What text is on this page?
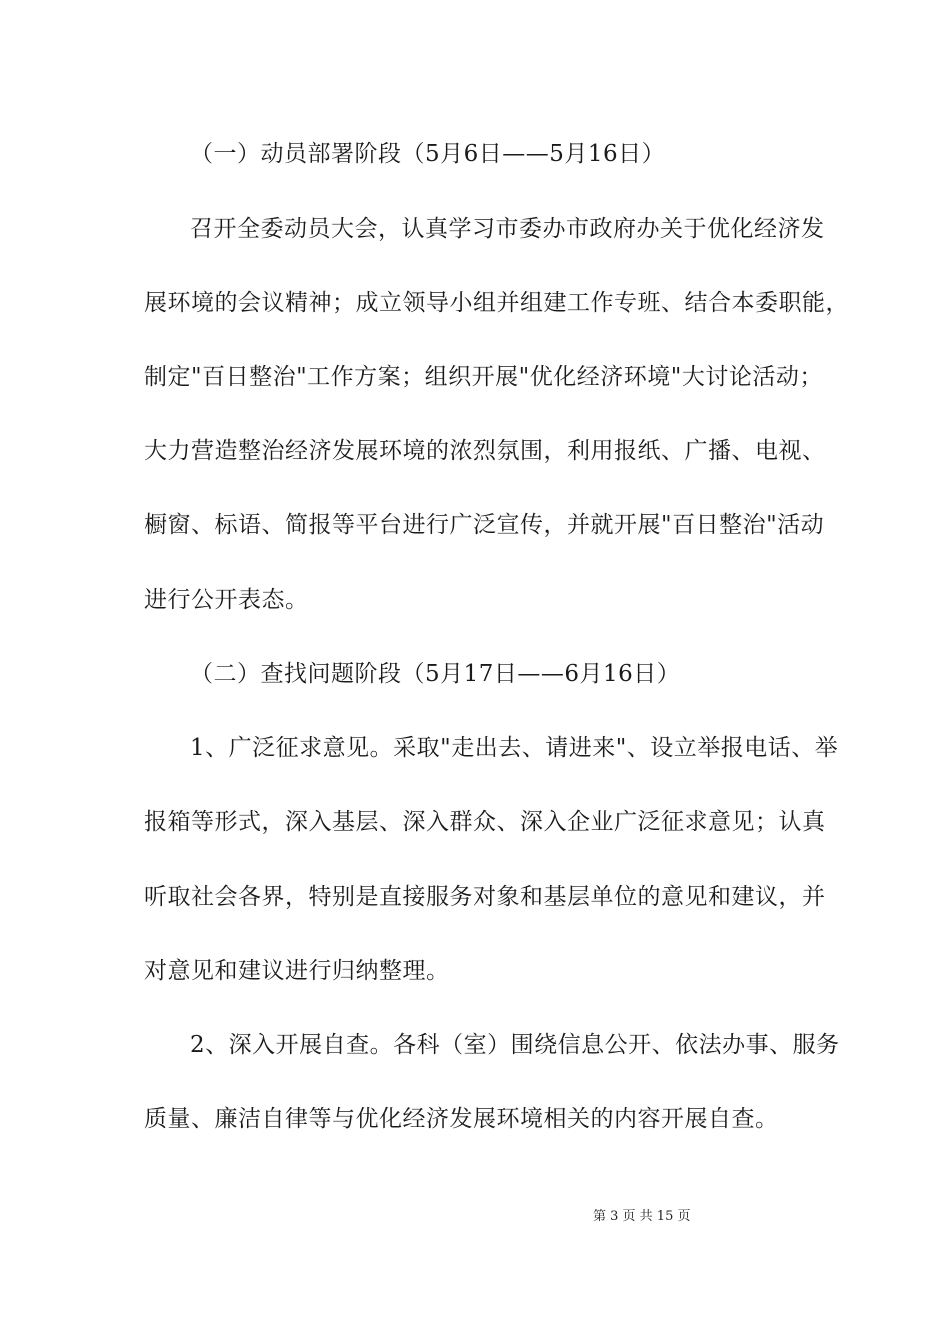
（一）动员部署阶段（5月6日——5月16日）
召开全委动员大会，认真学习市委办市政府办关于优化经济发
展环境的会议精神；成立领导小组并组建工作专班、结合本委职能，
制定"百日整治"工作方案；组织开展"优化经济环境"大讨论活动；
大力营造整治经济发展环境的浓烈氛围，利用报纸、广播、电视、
橱窗、标语、简报等平台进行广泛宣传，并就开展"百日整治"活动
进行公开表态。
（二）查找问题阶段（5月17日——6月16日）
1、广泛征求意见。采取"走出去、请进来"、设立举报电话、举
报箱等形式，深入基层、深入群众、深入企业广泛征求意见；认真
听取社会各界，特别是直接服务对象和基层单位的意见和建议，并
对意见和建议进行归纳整理。
2、深入开展自查。各科（室）围绕信息公开、依法办事、服务
质量、廉洁自律等与优化经济发展环境相关的内容开展自查。
第 3 页 共 15 页
